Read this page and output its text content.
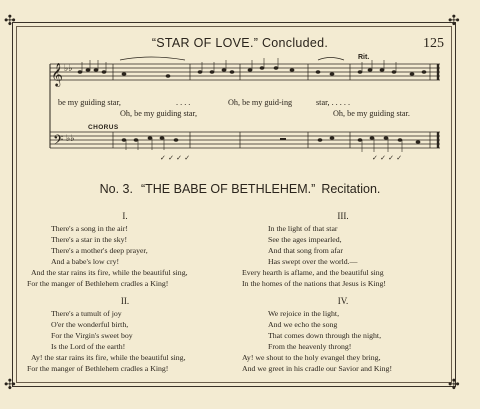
✣	✣
✣	✣
“STAR OF LOVE.” Concluded.	125
𝄞
𝄢
♭♭
♭♭
✓ ✓ ✓ ✓	✓ ✓ ✓ ✓
Rit.
CHORUS
be my guiding star,	. . . .	Oh, be my guid-ing	star, . . . . .
Oh, be my guiding star,	Oh, be my guiding star.
No. 3. “THE BABE OF BETHLEHEM.” Recitation.
I.
There's a song in the air!
There's a star in the sky!
There's a mother's deep prayer,
And a babe's low cry!
And the star rains its fire, while the beautiful sing,
For the manger of Bethlehem cradles a King!
II.
There's a tumult of joy
O'er the wonderful birth,
For the Virgin's sweet boy
Is the Lord of the earth!
Ay! the star rains its fire, while the beautiful sing,
For the manger of Bethlehem cradles a King!
III.
In the light of that star
See the ages impearled,
And that song from afar
Has swept over the world.—
Every hearth is aflame, and the beautiful sing
In the homes of the nations that Jesus is King!
IV.
We rejoice in the light,
And we echo the song
That comes down through the night,
From the heavenly throng!
Ay! we shout to the holy evangel they bring,
And we greet in his cradle our Savior and King!
